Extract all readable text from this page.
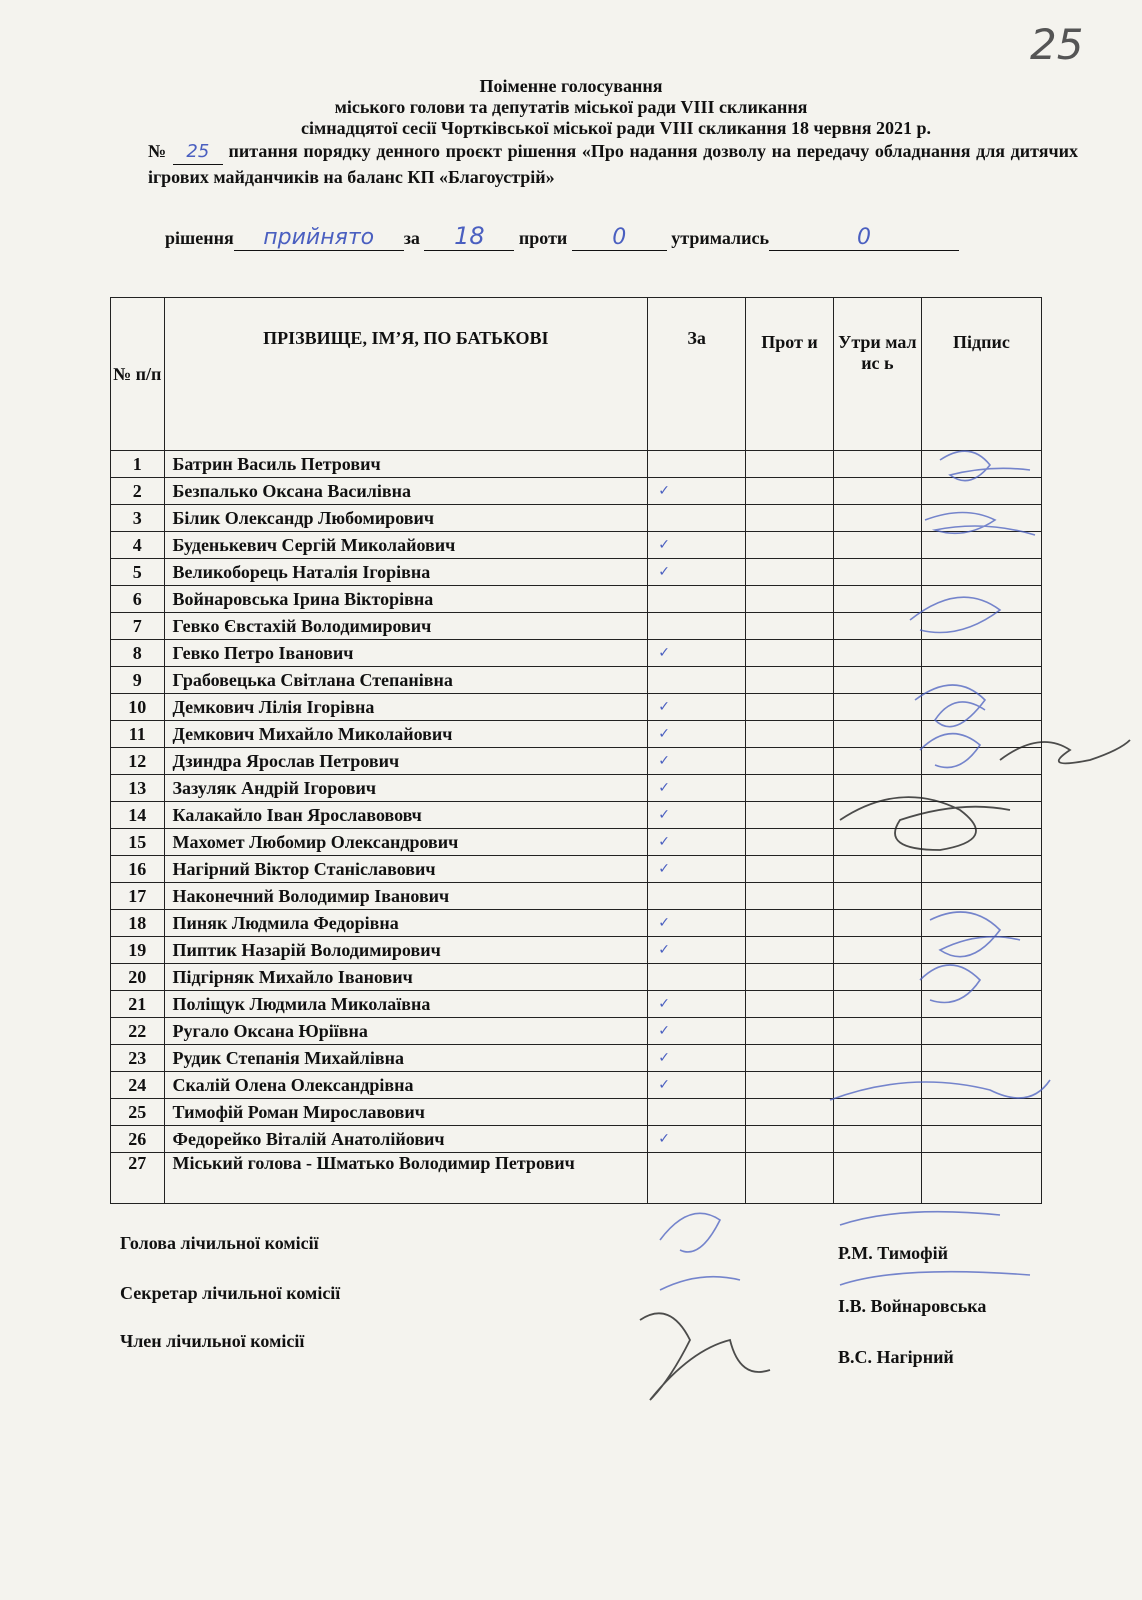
25
Поіменне голосування
міського голови та депутатів міської ради VIII скликання
сімнадцятої сесії Чортківської міської ради VIII скликання 18 червня 2021 р.
№ 25 питання порядку денного проєкт рішення «Про надання дозволу на передачу обладнання для дитячих ігрових майданчиків на баланс КП «Благоустрій»
рішення прийнято за 18 проти 0	утримались	0
№ п/п	ПРІЗВИЩЕ, ІМ’Я, ПО БАТЬКОВІ	За	Прот и	Утри малис ь	Підпис
1	Батрин Василь Петрович				
2	Безпалько Оксана Василівна	✓			
3	Білик Олександр Любомирович				
4	Буденькевич Сергій Миколайович	✓			
5	Великоборець Наталія Ігорівна	✓			
6	Войнаровська Ірина Вікторівна				
7	Гевко Євстахій Володимирович				
8	Гевко Петро Іванович	✓			
9	Грабовецька Світлана Степанівна				
10	Демкович Лілія Ігорівна	✓			
11	Демкович Михайло Миколайович	✓			
12	Дзиндра Ярослав Петрович	✓			
13	Зазуляк Андрій Ігорович	✓			
14	Калакайло Іван Ярославововч	✓			
15	Махомет Любомир Олександрович	✓			
16	Нагірний Віктор Станіславович	✓			
17	Наконечний Володимир Іванович				
18	Пиняк Людмила Федорівна	✓			
19	Пиптик Назарій Володимирович	✓			
20	Підгірняк Михайло Іванович				
21	Поліщук Людмила Миколаївна	✓			
22	Ругало Оксана Юріївна	✓			
23	Рудик Степанія Михайлівна	✓			
24	Скалій Олена Олександрівна	✓			
25	Тимофій Роман Мирославович				
26	Федорейко Віталій Анатолійович	✓			
27	Міський голова - Шматько Володимир Петрович				
Голова лічильної комісії	Р.М. Тимофій
Секретар лічильної комісії
І.В. Войнаровська
Член лічильної комісії
В.С. Нагірний
